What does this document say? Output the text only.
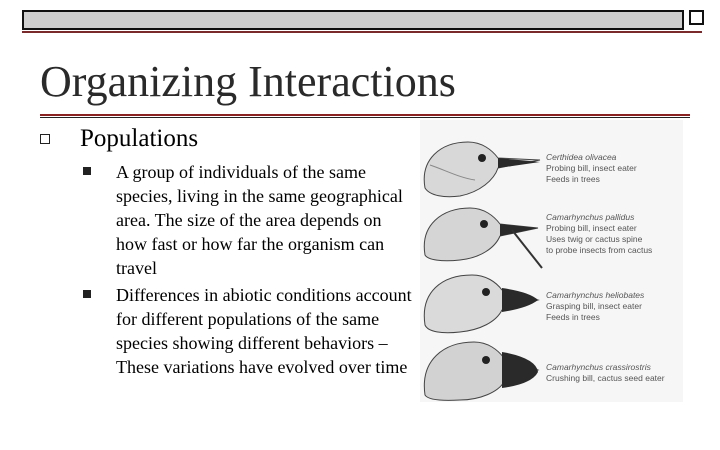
Organizing Interactions
Populations
A group of individuals of the same species, living in the same geographical area. The size of the area depends on how fast or how far the organism can travel
Differences in abiotic conditions account for different populations of the same species showing different behaviors – These variations have evolved over time
Certhidea olivacea
Probing bill, insect eater
Feeds in trees
Camarhynchus pallidus
Probing bill, insect eater
Uses twig or cactus spine
to probe insects from cactus
Camarhynchus heliobates
Grasping bill, insect eater
Feeds in trees
Camarhynchus crassirostris
Crushing bill, cactus seed eater
